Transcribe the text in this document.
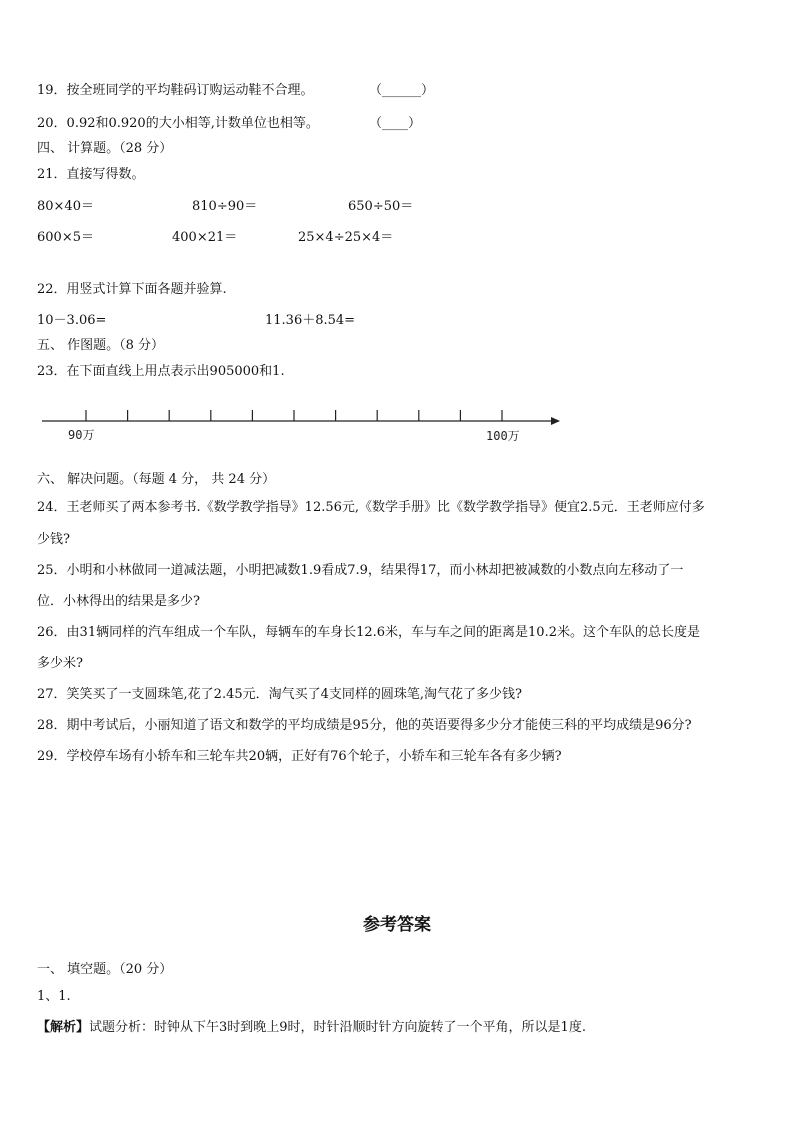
19．按全班同学的平均鞋码订购运动鞋不合理。	（______）
20．0.92和0.920的大小相等,计数单位也相等。	（____）
四、 计算题。（28 分）
21．直接写得数。
80×40＝	810÷90＝	650÷50＝
600×5＝	400×21＝	25×4÷25×4＝
22．用竖式计算下面各题并验算.
10－3.06=	11.36＋8.54=
五、 作图题。（8 分）
23．在下面直线上用点表示出905000和1.
90万	100万
六、 解决问题。（每题 4 分， 共 24 分）
24．王老师买了两本参考书.《数学教学指导》12.56元,《数学手册》比《数学教学指导》便宜2.5元．王老师应付多
少钱?
25．小明和小林做同一道减法题，小明把减数1.9看成7.9，结果得17，而小林却把被减数的小数点向左移动了一
位．小林得出的结果是多少?
26．由31辆同样的汽车组成一个车队，每辆车的车身长12.6米，车与车之间的距离是10.2米。这个车队的总长度是
多少米?
27．笑笑买了一支圆珠笔,花了2.45元．淘气买了4支同样的圆珠笔,淘气花了多少钱?
28．期中考试后，小丽知道了语文和数学的平均成绩是95分，他的英语要得多少分才能使三科的平均成绩是96分?
29．学校停车场有小轿车和三轮车共20辆，正好有76个轮子，小轿车和三轮车各有多少辆?
参考答案
一、 填空题。（20 分）
1、1.
【解析】试题分析：时钟从下午3时到晚上9时，时针沿顺时针方向旋转了一个平角，所以是1度.
